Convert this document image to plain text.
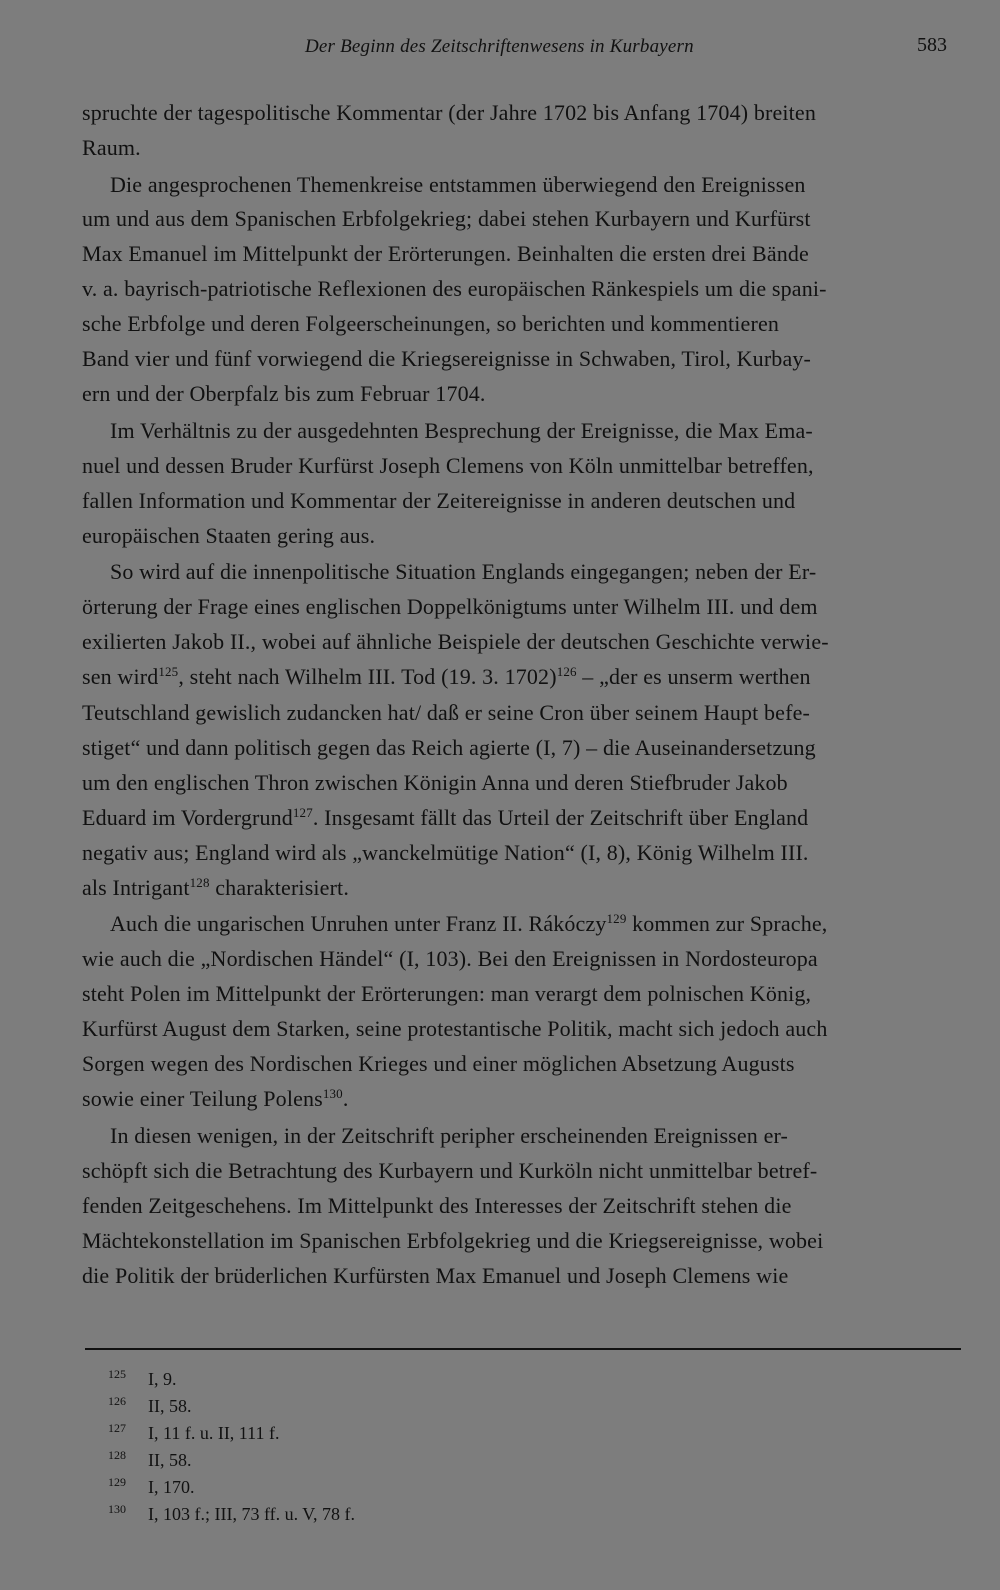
Der Beginn des Zeitschriftenwesens in Kurbayern	583
spruchte der tagespolitische Kommentar (der Jahre 1702 bis Anfang 1704) breiten
Raum.
Die angesprochenen Themenkreise entstammen überwiegend den Ereignissen
um und aus dem Spanischen Erbfolgekrieg; dabei stehen Kurbayern und Kurfürst
Max Emanuel im Mittelpunkt der Erörterungen. Beinhalten die ersten drei Bände
v. a. bayrisch-patriotische Reflexionen des europäischen Ränkespiels um die spani-
sche Erbfolge und deren Folgeerscheinungen, so berichten und kommentieren
Band vier und fünf vorwiegend die Kriegsereignisse in Schwaben, Tirol, Kurbay-
ern und der Oberpfalz bis zum Februar 1704.
Im Verhältnis zu der ausgedehnten Besprechung der Ereignisse, die Max Ema-
nuel und dessen Bruder Kurfürst Joseph Clemens von Köln unmittelbar betreffen,
fallen Information und Kommentar der Zeitereignisse in anderen deutschen und
europäischen Staaten gering aus.
So wird auf die innenpolitische Situation Englands eingegangen; neben der Er-
örterung der Frage eines englischen Doppelkönigtums unter Wilhelm III. und dem
exilierten Jakob II., wobei auf ähnliche Beispiele der deutschen Geschichte verwie-
sen wird$^{125}$, steht nach Wilhelm III. Tod (19. 3. 1702)$^{126}$ – „der es unserm werthen
Teutschland gewislich zudancken hat/ daß er seine Cron über seinem Haupt befe-
stiget“ und dann politisch gegen das Reich agierte (I, 7) – die Auseinandersetzung
um den englischen Thron zwischen Königin Anna und deren Stiefbruder Jakob
Eduard im Vordergrund$^{127}$. Insgesamt fällt das Urteil der Zeitschrift über England
negativ aus; England wird als „wanckelmütige Nation“ (I, 8), König Wilhelm III.
als Intrigant$^{128}$ charakterisiert.
Auch die ungarischen Unruhen unter Franz II. Rákóczy$^{129}$ kommen zur Sprache,
wie auch die „Nordischen Händel“ (I, 103). Bei den Ereignissen in Nordosteuropa
steht Polen im Mittelpunkt der Erörterungen: man verargt dem polnischen König,
Kurfürst August dem Starken, seine protestantische Politik, macht sich jedoch auch
Sorgen wegen des Nordischen Krieges und einer möglichen Absetzung Augusts
sowie einer Teilung Polens$^{130}$.
In diesen wenigen, in der Zeitschrift peripher erscheinenden Ereignissen er-
schöpft sich die Betrachtung des Kurbayern und Kurköln nicht unmittelbar betref-
fenden Zeitgeschehens. Im Mittelpunkt des Interesses der Zeitschrift stehen die
Mächtekonstellation im Spanischen Erbfolgekrieg und die Kriegsereignisse, wobei
die Politik der brüderlichen Kurfürsten Max Emanuel und Joseph Clemens wie
125 I, 9.
126 II, 58.
127 I, 11 f. u. II, 111 f.
128 II, 58.
129 I, 170.
130 I, 103 f.; III, 73 ff. u. V, 78 f.
